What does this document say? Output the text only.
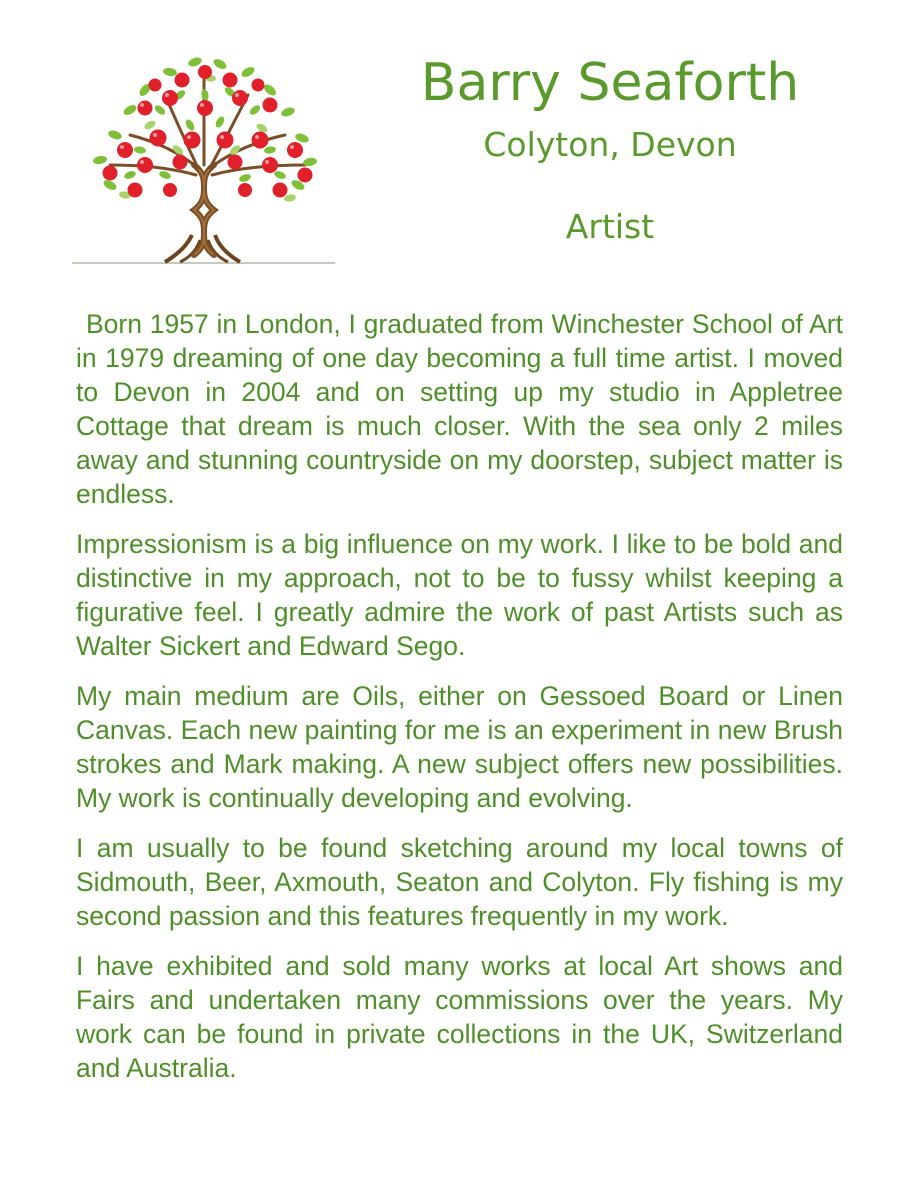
Barry Seaforth
Colyton, Devon
Artist

Born 1957 in London, I graduated from Winchester School of Art in 1979 dreaming of one day becoming a full time artist. I moved to Devon in 2004 and on setting up my studio in Appletree Cottage that dream is much closer. With the sea only 2 miles away and stunning countryside on my doorstep, subject matter is endless.

Impressionism is a big influence on my work. I like to be bold and distinctive in my approach, not to be to fussy whilst keeping a figurative feel. I greatly admire the work of past Artists such as Walter Sickert and Edward Sego.

My main medium are Oils, either on Gessoed Board or Linen Canvas. Each new painting for me is an experiment in new Brush strokes and Mark making. A new subject offers new possibilities. My work is continually developing and evolving.

I am usually to be found sketching around my local towns of Sidmouth, Beer, Axmouth, Seaton and Colyton. Fly fishing is my second passion and this features frequently in my work.

I have exhibited and sold many works at local Art shows and Fairs and undertaken many commissions over the years. My work can be found in private collections in the UK, Switzerland and Australia.
